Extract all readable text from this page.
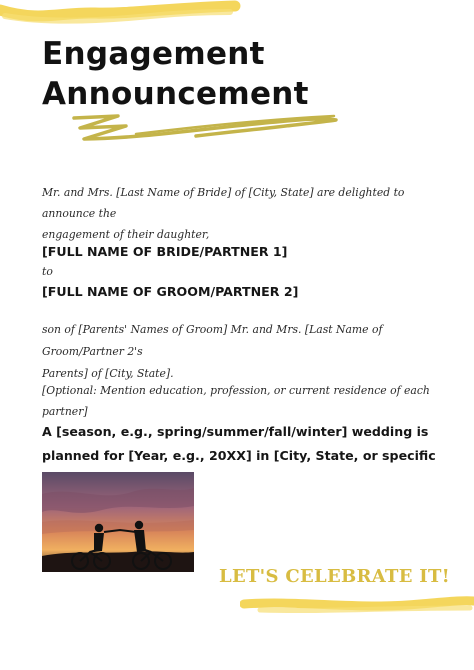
Engagement
Announcement
Mr. and Mrs. [Last Name of Bride] of [City, State] are delighted to announce the
engagement of their daughter,
[FULL NAME OF BRIDE/PARTNER 1]
to
[FULL NAME OF GROOM/PARTNER 2]
son of [Parents' Names of Groom] Mr. and Mrs. [Last Name of Groom/Partner 2's
Parents] of [City, State].
[Optional: Mention education, profession, or current residence of each partner]
A [season, e.g., spring/summer/fall/winter] wedding is
planned for [Year, e.g., 20XX] in [City, State, or specific
LET'S CELEBRATE IT!
